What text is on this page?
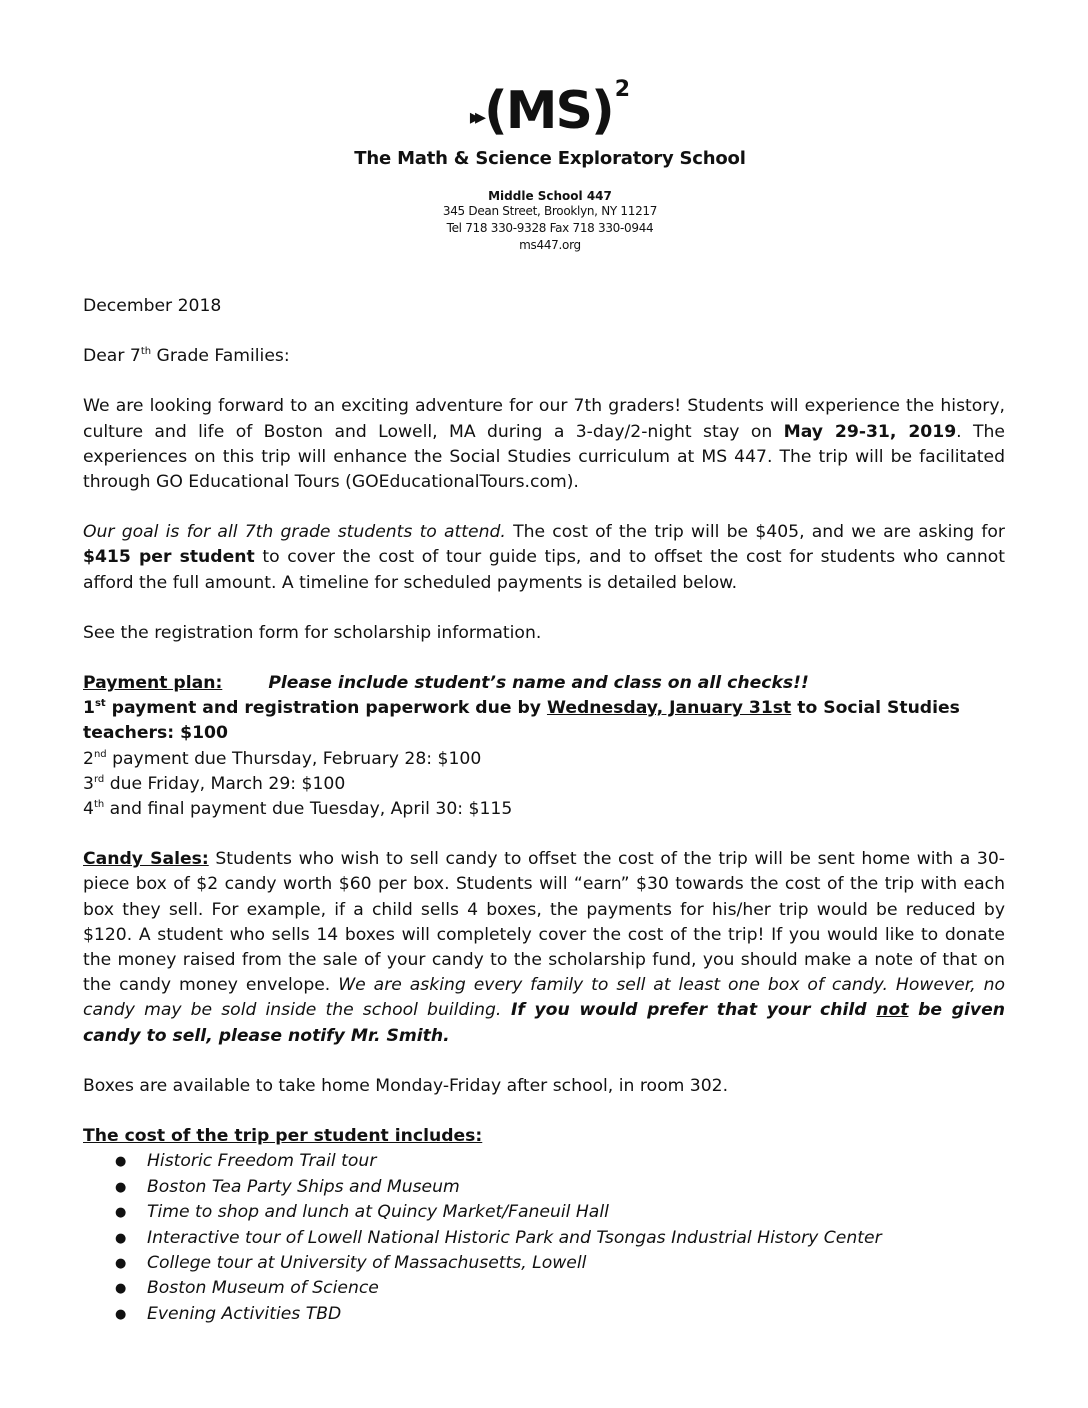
▸▸ (MS) 2
The Math & Science Exploratory School
Middle School 447
345 Dean Street, Brooklyn, NY 11217
Tel 718 330-9328 Fax 718 330-0944
ms447.org

December 2018

Dear 7th Grade Families:

We are looking forward to an exciting adventure for our 7th graders! Students will experience the history, culture and life of Boston and Lowell, MA during a 3-day/2-night stay on May 29-31, 2019. The experiences on this trip will enhance the Social Studies curriculum at MS 447. The trip will be facilitated through GO Educational Tours (GOEducationalTours.com).

Our goal is for all 7th grade students to attend. The cost of the trip will be $405, and we are asking for $415 per student to cover the cost of tour guide tips, and to offset the cost for students who cannot afford the full amount. A timeline for scheduled payments is detailed below.

See the registration form for scholarship information.

Payment plan:	Please include student’s name and class on all checks!!

1st payment and registration paperwork due by Wednesday, January 31st to Social Studies teachers: $100

2nd payment due Thursday, February 28: $100

3rd due Friday, March 29: $100

4th and final payment due Tuesday, April 30: $115

Candy Sales: Students who wish to sell candy to offset the cost of the trip will be sent home with a 30-piece box of $2 candy worth $60 per box. Students will “earn” $30 towards the cost of the trip with each box they sell. For example, if a child sells 4 boxes, the payments for his/her trip would be reduced by $120. A student who sells 14 boxes will completely cover the cost of the trip! If you would like to donate the money raised from the sale of your candy to the scholarship fund, you should make a note of that on the candy money envelope. We are asking every family to sell at least one box of candy. However, no candy may be sold inside the school building. If you would prefer that your child not be given candy to sell, please notify Mr. Smith.

Boxes are available to take home Monday-Friday after school, in room 302.

The cost of the trip per student includes:

● Historic Freedom Trail tour
● Boston Tea Party Ships and Museum
● Time to shop and lunch at Quincy Market/Faneuil Hall
● Interactive tour of Lowell National Historic Park and Tsongas Industrial History Center
● College tour at University of Massachusetts, Lowell
● Boston Museum of Science
● Evening Activities TBD
